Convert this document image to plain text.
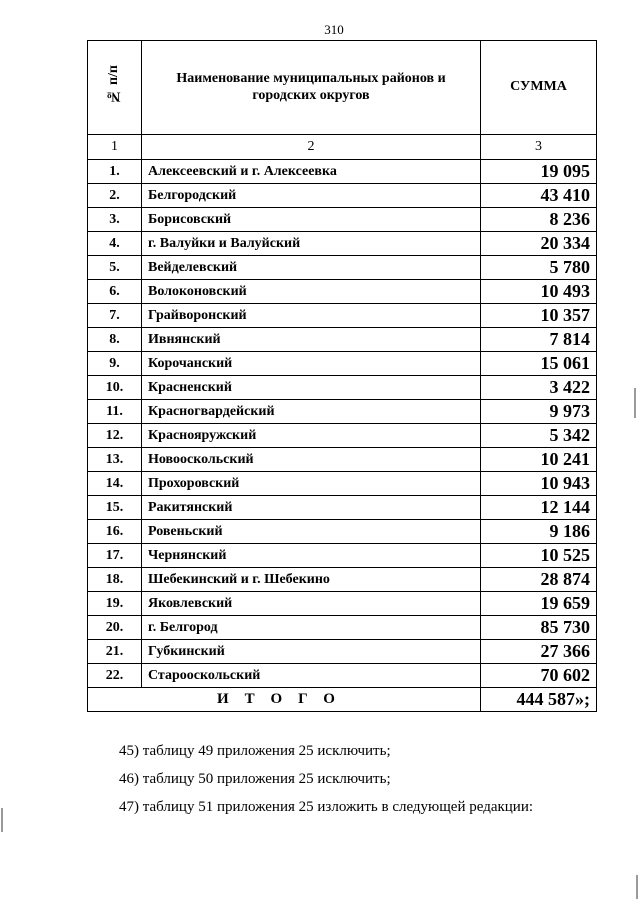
310
№ п/п	Наименование муниципальных районов и городских округов	СУММА
1	2	3
1.	Алексеевский и г. Алексеевка	19 095
2.	Белгородский	43 410
3.	Борисовский	8 236
4.	г. Валуйки и Валуйский	20 334
5.	Вейделевский	5 780
6.	Волоконовский	10 493
7.	Грайворонский	10 357
8.	Ивнянский	7 814
9.	Корочанский	15 061
10.	Красненский	3 422
11.	Красногвардейский	9 973
12.	Краснояружский	5 342
13.	Новооскольский	10 241
14.	Прохоровский	10 943
15.	Ракитянский	12 144
16.	Ровеньский	9 186
17.	Чернянский	10 525
18.	Шебекинский и г. Шебекино	28 874
19.	Яковлевский	19 659
20.	г. Белгород	85 730
21.	Губкинский	27 366
22.	Старооскольский	70 602
ИТОГО		444 587»;
45) таблицу 49 приложения 25 исключить;
46) таблицу 50 приложения 25 исключить;
47) таблицу 51 приложения 25 изложить в следующей редакции:
